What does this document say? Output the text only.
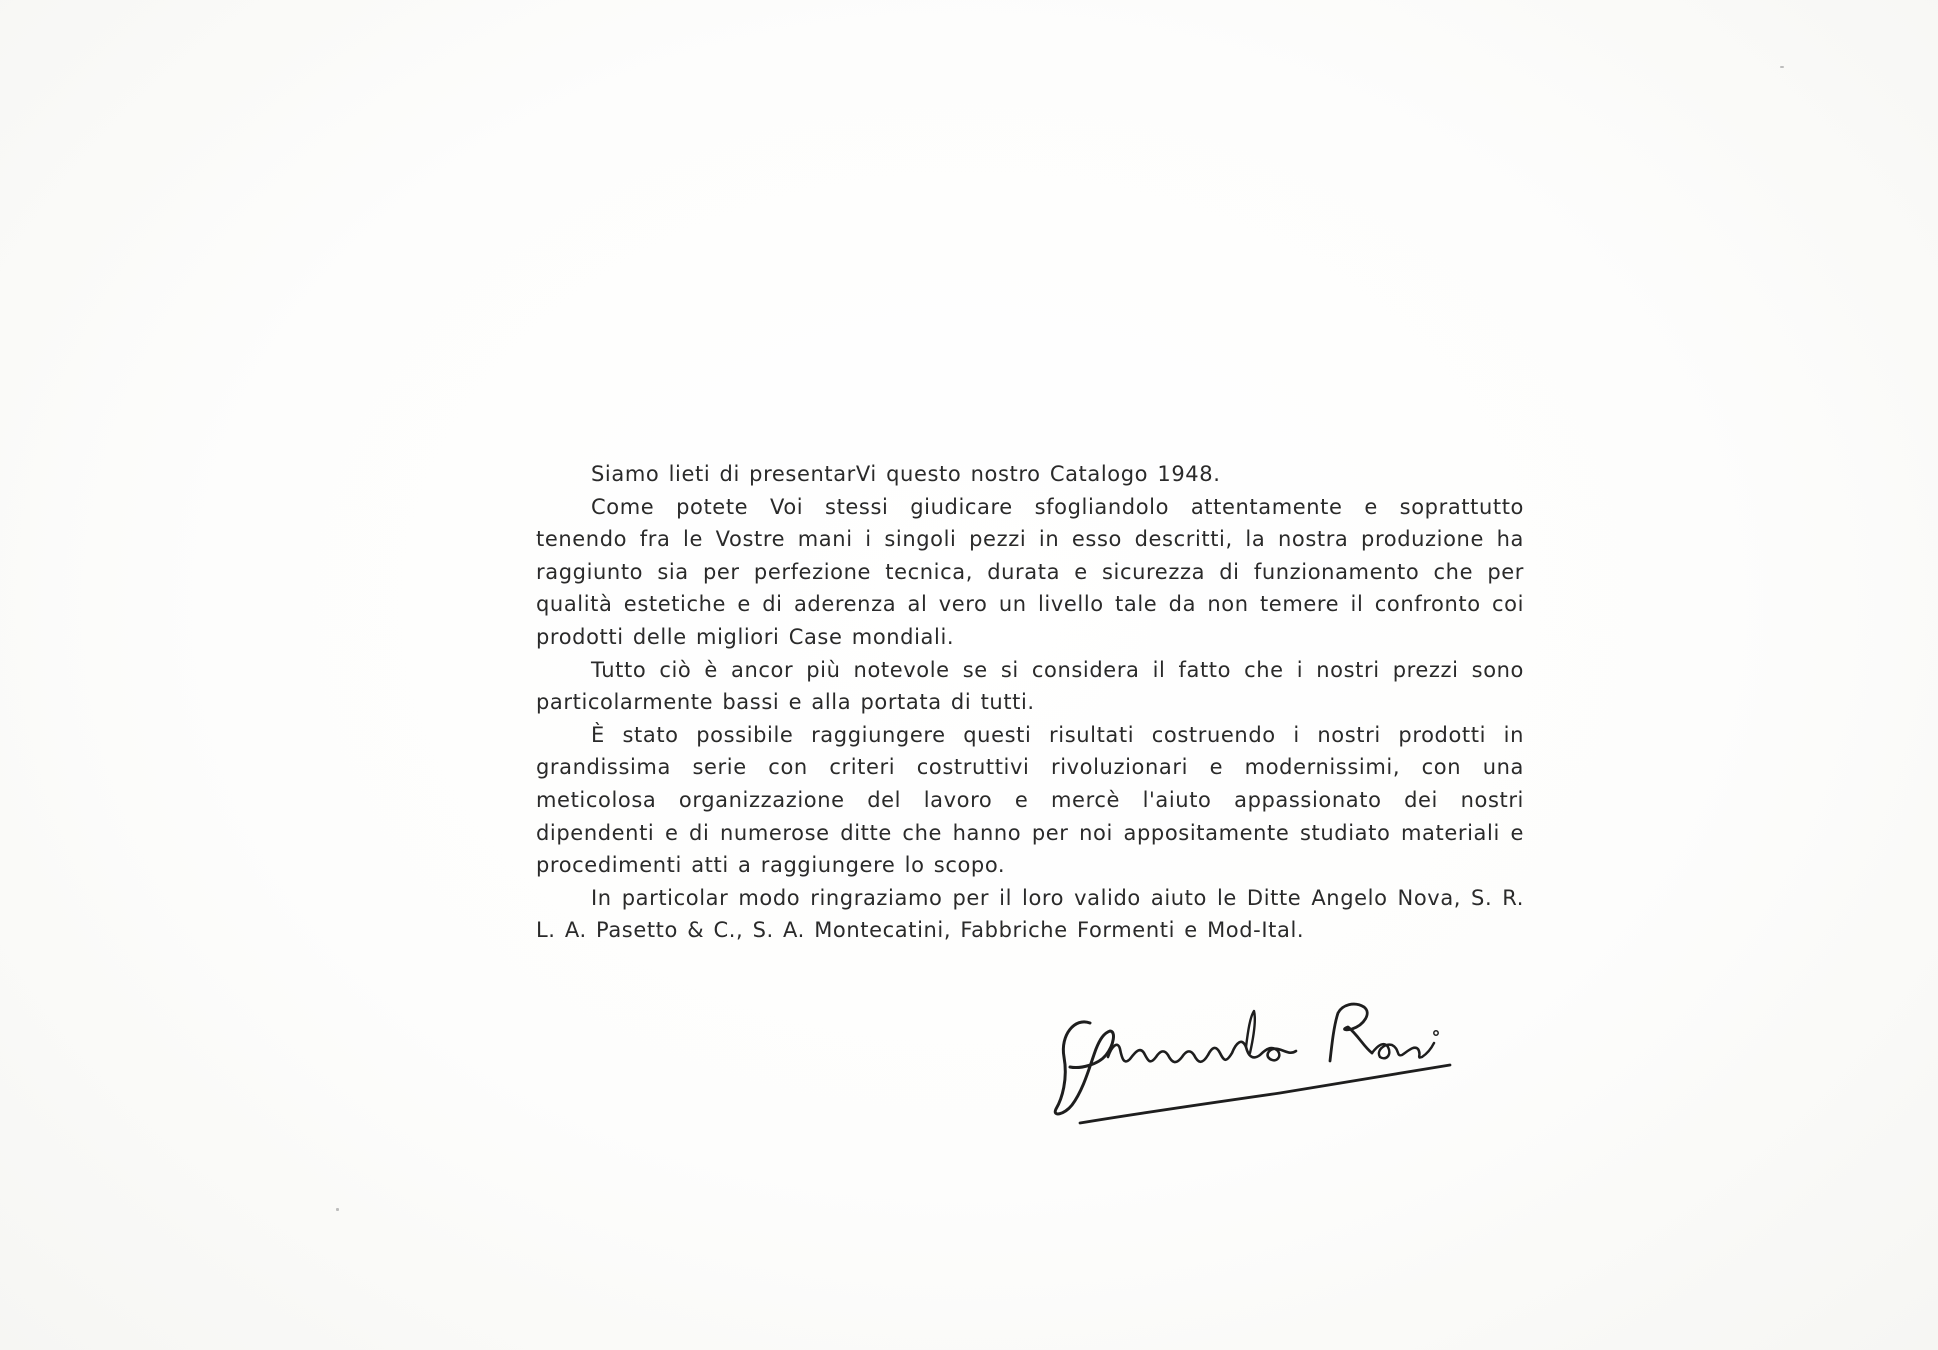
Siamo lieti di presentarVi questo nostro Catalogo 1948.

Come potete Voi stessi giudicare sfogliandolo attentamente e soprattutto tenendo fra le Vostre mani i singoli pezzi in esso descritti, la nostra produzione ha raggiunto sia per perfezione tecnica, durata e sicurezza di funzionamento che per qualità estetiche e di aderenza al vero un livello tale da non temere il confronto coi prodotti delle migliori Case mondiali.

Tutto ciò è ancor più notevole se si considera il fatto che i nostri prezzi sono particolarmente bassi e alla portata di tutti.

È stato possibile raggiungere questi risultati costruendo i nostri prodotti in grandissima serie con criteri costruttivi rivoluzionari e modernissimi, con una meticolosa organizzazione del lavoro e mercè l'aiuto appassionato dei nostri dipendenti e di numerose ditte che hanno per noi appositamente studiato materiali e procedimenti atti a raggiungere lo scopo.

In particolar modo ringraziamo per il loro valido aiuto le Ditte Angelo Nova, S. R. L. A. Pasetto & C., S. A. Montecatini, Fabbriche Formenti e Mod-Ital.
